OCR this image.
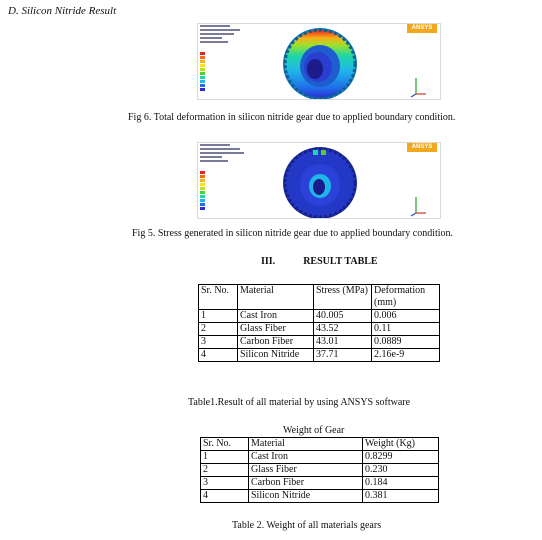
D. Silicon Nitride Result
ANSYS
Fig 6. Total deformation in silicon nitride gear due to applied boundary condition.
ANSYS
Fig 5. Stress generated in silicon nitride gear due to applied boundary condition.
III.	RESULT TABLE
Sr. No.	Material	Stress (MPa)	Deformation (mm)
1	Cast Iron	40.005	0.006
2	Glass Fiber	43.52	0.11
3	Carbon Fiber	43.01	0.0889
4	Silicon Nitride	37.71	2.16e-9
Table1.Result of all material by using ANSYS software
Weight of Gear
Sr. No.	Material	Weight (Kg)
1	Cast Iron	0.8299
2	Glass Fiber	0.230
3	Carbon Fiber	0.184
4	Silicon Nitride	0.381
Table 2. Weight of all materials gears
